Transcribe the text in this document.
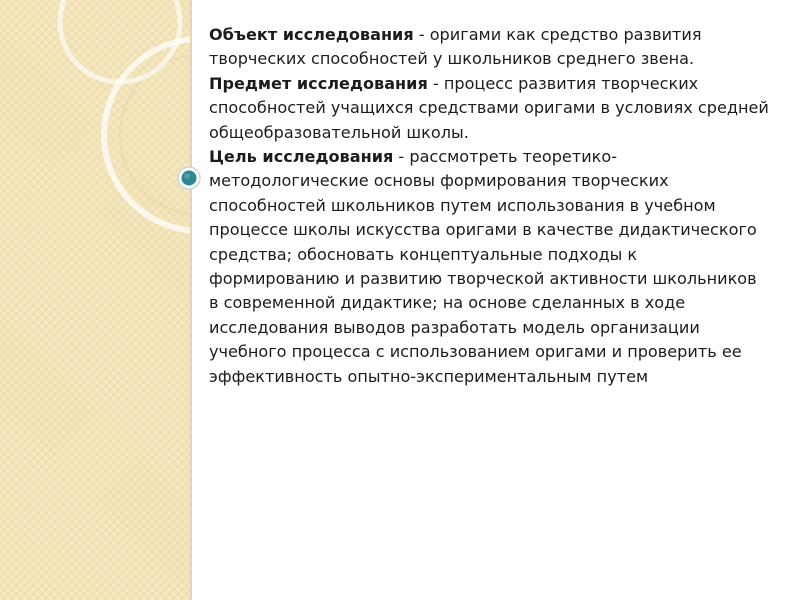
Объект исследования - оригами как средство развития творческих способностей у школьников среднего звена.

Предмет исследования - процесс развития творческих способностей учащихся средствами оригами в условиях средней общеобразовательной школы.

Цель исследования - рассмотреть теоретико-методологические основы формирования творческих способностей школьников путем использования в учебном процессе школы искусства оригами в качестве дидактического средства; обосновать концептуальные подходы к формированию и развитию творческой активности школьников в современной дидактике; на основе сделанных в ходе исследования выводов разработать модель организации учебного процесса с использованием оригами и проверить ее эффективность опытно-экспериментальным путем
